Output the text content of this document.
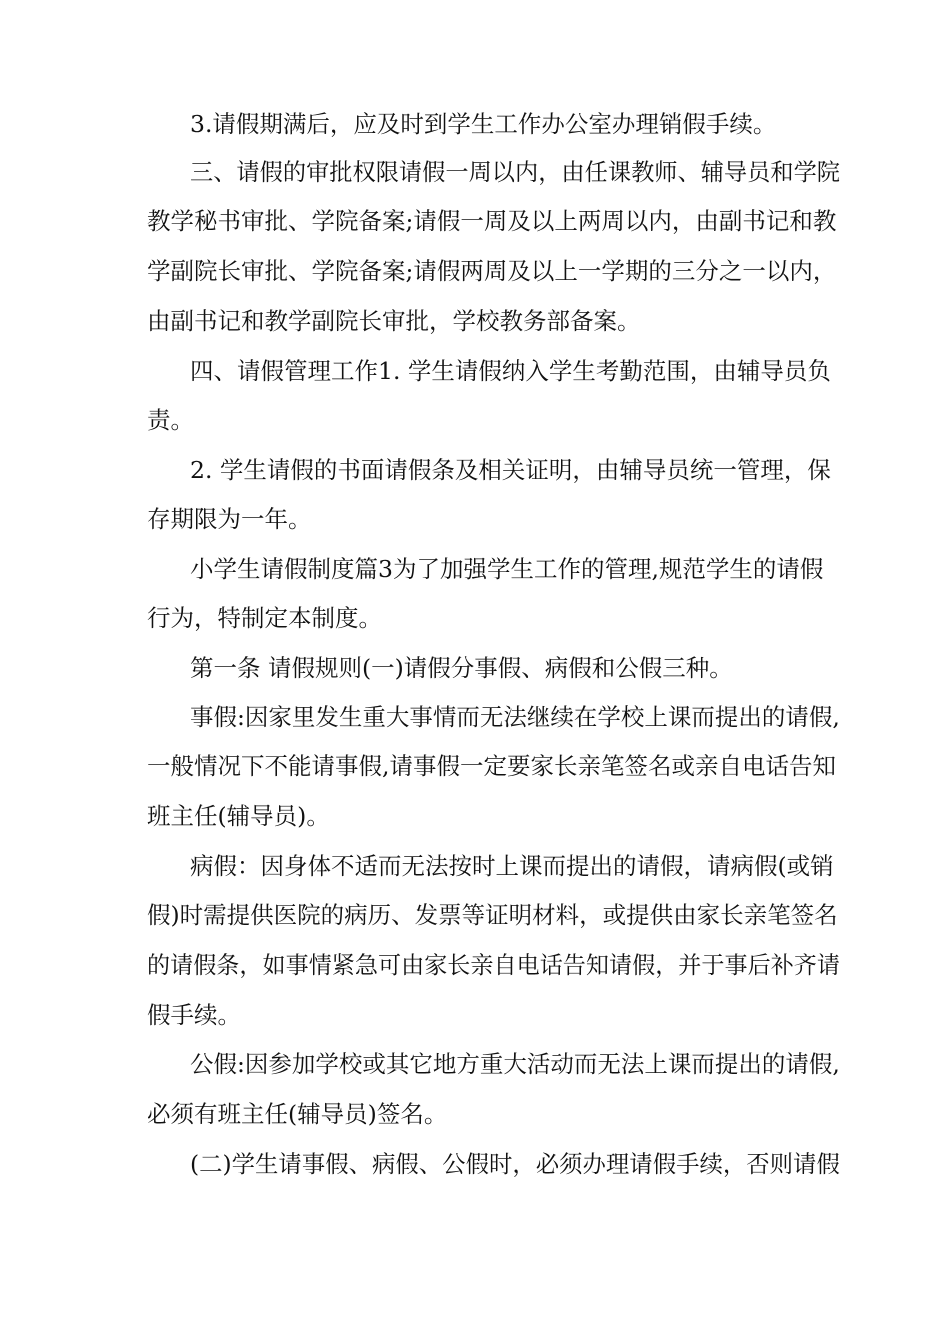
3.请假期满后，应及时到学生工作办公室办理销假手续。
三、请假的审批权限请假一周以内，由任课教师、辅导员和学院
教学秘书审批、学院备案;请假一周及以上两周以内，由副书记和教
学副院长审批、学院备案;请假两周及以上一学期的三分之一以内，
由副书记和教学副院长审批，学校教务部备案。
四、请假管理工作1. 学生请假纳入学生考勤范围，由辅导员负
责。
2. 学生请假的书面请假条及相关证明，由辅导员统一管理，保
存期限为一年。
小学生请假制度篇3为了加强学生工作的管理,规范学生的请假
行为，特制定本制度。
第一条 请假规则(一)请假分事假、病假和公假三种。
事假:因家里发生重大事情而无法继续在学校上课而提出的请假,
一般情况下不能请事假,请事假一定要家长亲笔签名或亲自电话告知
班主任(辅导员)。
病假：因身体不适而无法按时上课而提出的请假，请病假(或销
假)时需提供医院的病历、发票等证明材料，或提供由家长亲笔签名
的请假条，如事情紧急可由家长亲自电话告知请假，并于事后补齐请
假手续。
公假:因参加学校或其它地方重大活动而无法上课而提出的请假,
必须有班主任(辅导员)签名。
(二)学生请事假、病假、公假时，必须办理请假手续，否则请假
